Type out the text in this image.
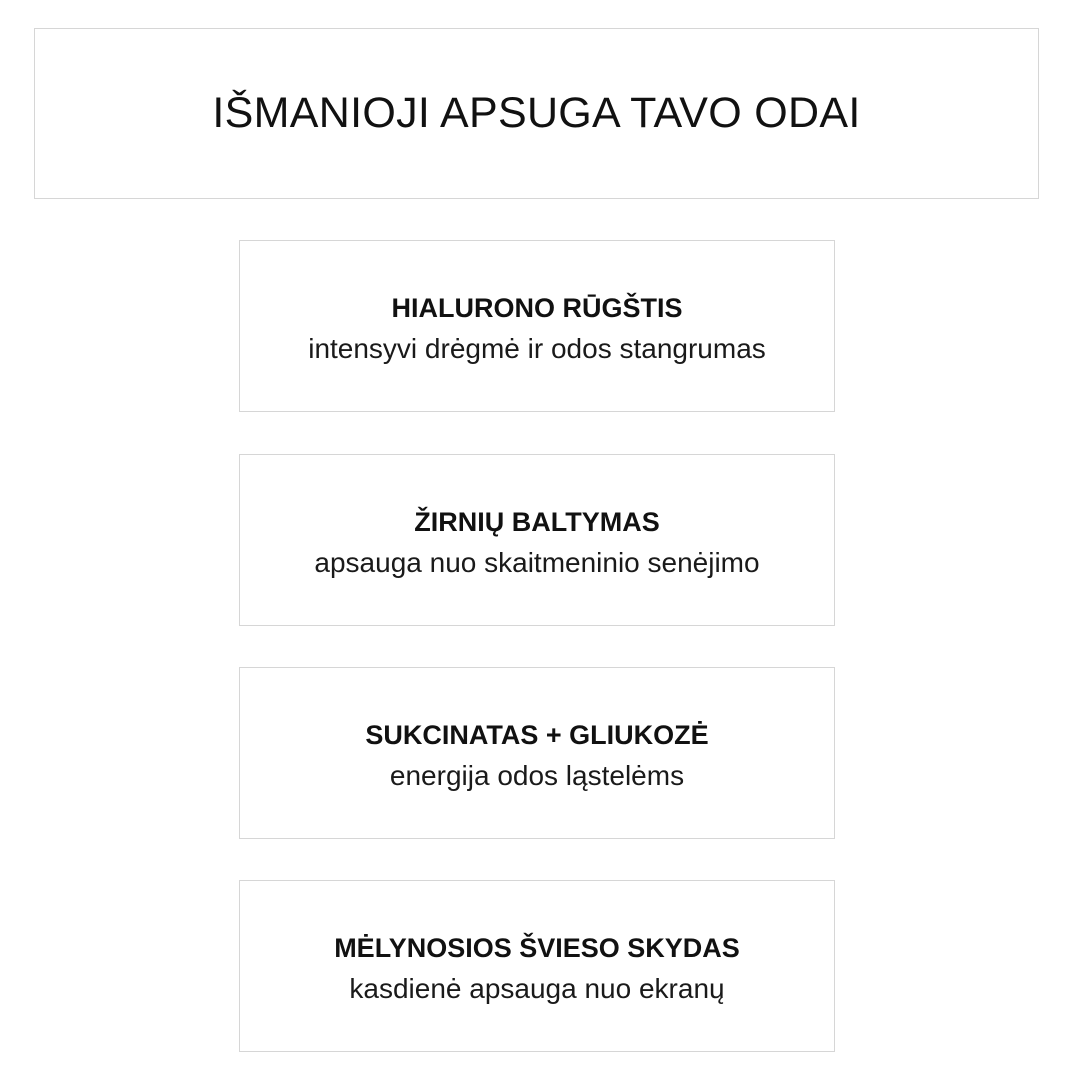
IŠMANIOJI APSUGA TAVO ODAI

HIALURONO RŪGŠTIS

intensyvi drėgmė ir odos stangrumas

ŽIRNIŲ BALTYMAS

apsauga nuo skaitmeninio senėjimo

SUKCINATAS + GLIUKOZĖ

energija odos ląstelėms

MĖLYNOSIOS ŠVIESO SKYDAS

kasdienė apsauga nuo ekranų
